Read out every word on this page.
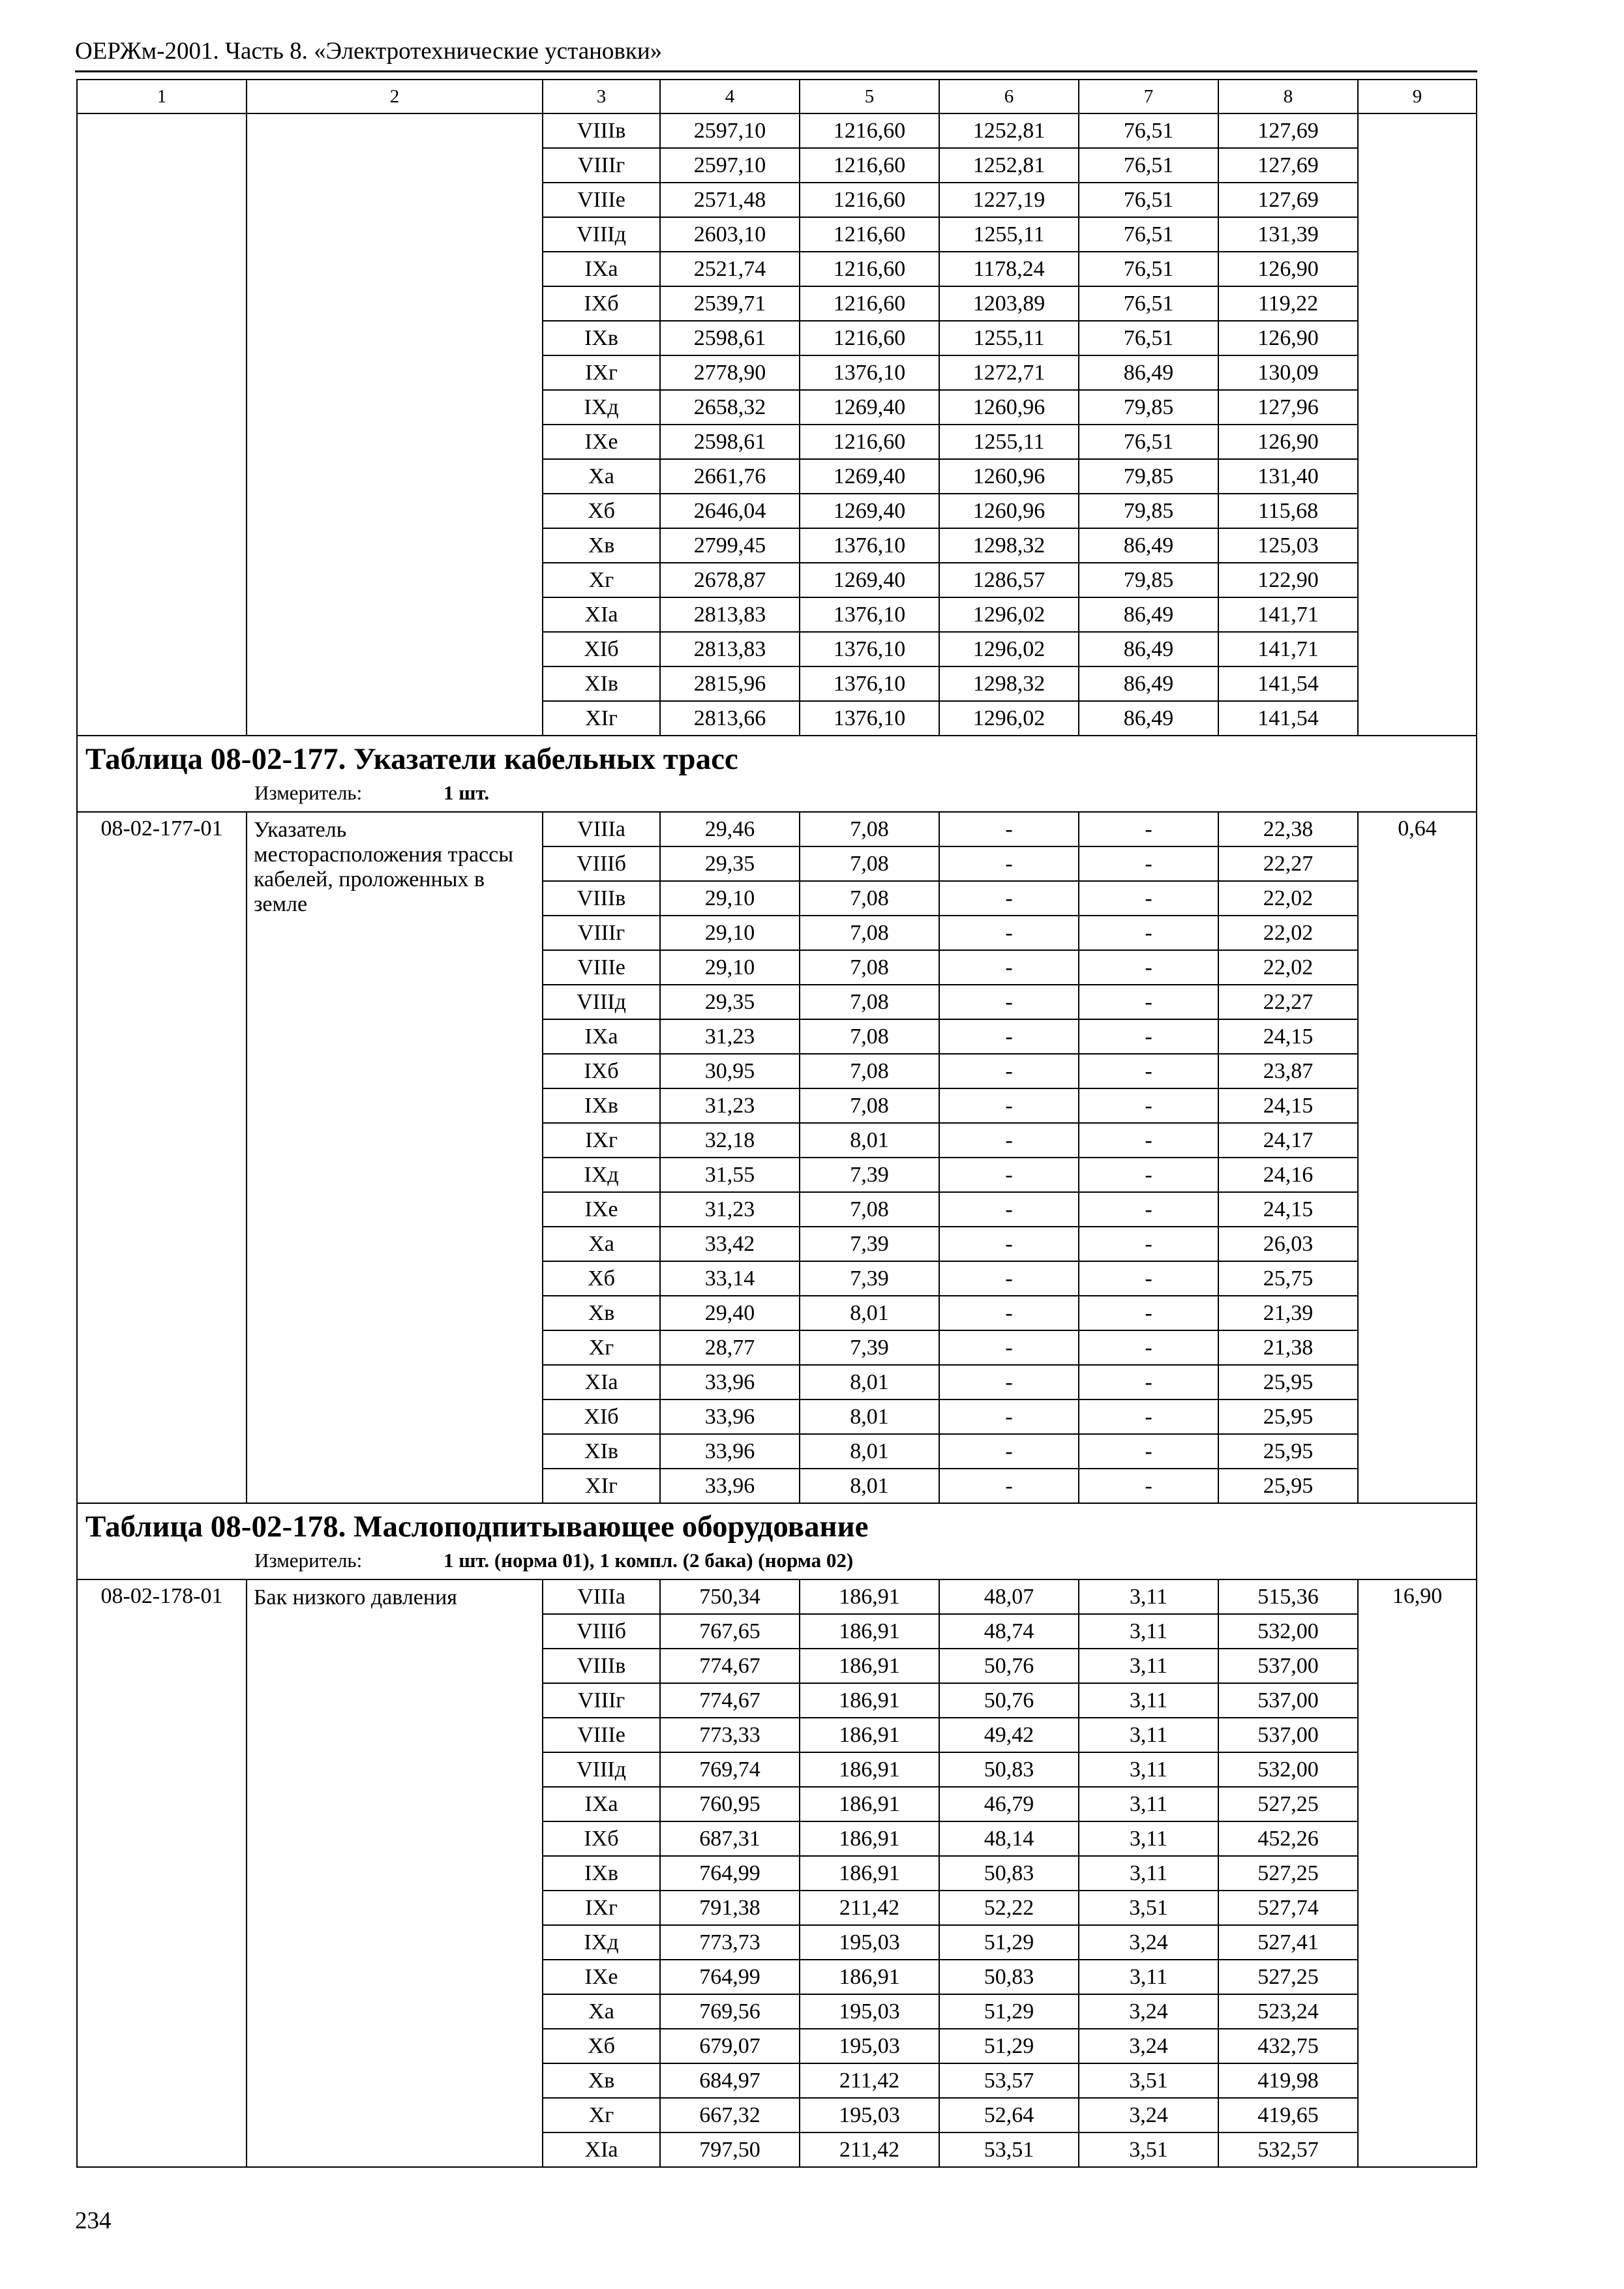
ОЕРЖм-2001. Часть 8. «Электротехнические установки»
1	2	3	4	5	6	7	8	9
		VIIIв	2597,10	1216,60	1252,81	76,51	127,69	
		VIIIг	2597,10	1216,60	1252,81	76,51	127,69	
		VIIIе	2571,48	1216,60	1227,19	76,51	127,69	
		VIIIд	2603,10	1216,60	1255,11	76,51	131,39	
		IXа	2521,74	1216,60	1178,24	76,51	126,90	
		IXб	2539,71	1216,60	1203,89	76,51	119,22	
		IXв	2598,61	1216,60	1255,11	76,51	126,90	
		IXг	2778,90	1376,10	1272,71	86,49	130,09	
		IXд	2658,32	1269,40	1260,96	79,85	127,96	
		IXе	2598,61	1216,60	1255,11	76,51	126,90	
		Xа	2661,76	1269,40	1260,96	79,85	131,40	
		Xб	2646,04	1269,40	1260,96	79,85	115,68	
		Xв	2799,45	1376,10	1298,32	86,49	125,03	
		Xг	2678,87	1269,40	1286,57	79,85	122,90	
		XIа	2813,83	1376,10	1296,02	86,49	141,71	
		XIб	2813,83	1376,10	1296,02	86,49	141,71	
		XIв	2815,96	1376,10	1298,32	86,49	141,54	
		XIг	2813,66	1376,10	1296,02	86,49	141,54	

Таблица 08-02-177. Указатели кабельных трасс
Измеритель: 1 шт.								

08-02-177-01	Указатель месторасположения трассы кабелей, проложенных в земле	VIIIа	29,46	7,08	-	-	22,38	0,64
		VIIIб	29,35	7,08	-	-	22,27	
		VIIIв	29,10	7,08	-	-	22,02	
		VIIIг	29,10	7,08	-	-	22,02	
		VIIIе	29,10	7,08	-	-	22,02	
		VIIIд	29,35	7,08	-	-	22,27	
		IXа	31,23	7,08	-	-	24,15	
		IXб	30,95	7,08	-	-	23,87	
		IXв	31,23	7,08	-	-	24,15	
		IXг	32,18	8,01	-	-	24,17	
		IXд	31,55	7,39	-	-	24,16	
		IXе	31,23	7,08	-	-	24,15	
		Xа	33,42	7,39	-	-	26,03	
		Xб	33,14	7,39	-	-	25,75	
		Xв	29,40	8,01	-	-	21,39	
		Xг	28,77	7,39	-	-	21,38	
		XIа	33,96	8,01	-	-	25,95	
		XIб	33,96	8,01	-	-	25,95	
		XIв	33,96	8,01	-	-	25,95	
		XIг	33,96	8,01	-	-	25,95	

Таблица 08-02-178. Маслоподпитывающее оборудование
Измеритель: 1 шт. (норма 01), 1 компл. (2 бака) (норма 02)								

08-02-178-01	Бак низкого давления	VIIIа	750,34	186,91	48,07	3,11	515,36	16,90
		VIIIб	767,65	186,91	48,74	3,11	532,00	
		VIIIв	774,67	186,91	50,76	3,11	537,00	
		VIIIг	774,67	186,91	50,76	3,11	537,00	
		VIIIе	773,33	186,91	49,42	3,11	537,00	
		VIIIд	769,74	186,91	50,83	3,11	532,00	
		IXа	760,95	186,91	46,79	3,11	527,25	
		IXб	687,31	186,91	48,14	3,11	452,26	
		IXв	764,99	186,91	50,83	3,11	527,25	
		IXг	791,38	211,42	52,22	3,51	527,74	
		IXд	773,73	195,03	51,29	3,24	527,41	
		IXе	764,99	186,91	50,83	3,11	527,25	
		Xа	769,56	195,03	51,29	3,24	523,24	
		Xб	679,07	195,03	51,29	3,24	432,75	
		Xв	684,97	211,42	53,57	3,51	419,98	
		Xг	667,32	195,03	52,64	3,24	419,65	
		XIа	797,50	211,42	53,51	3,51	532,57	
234
